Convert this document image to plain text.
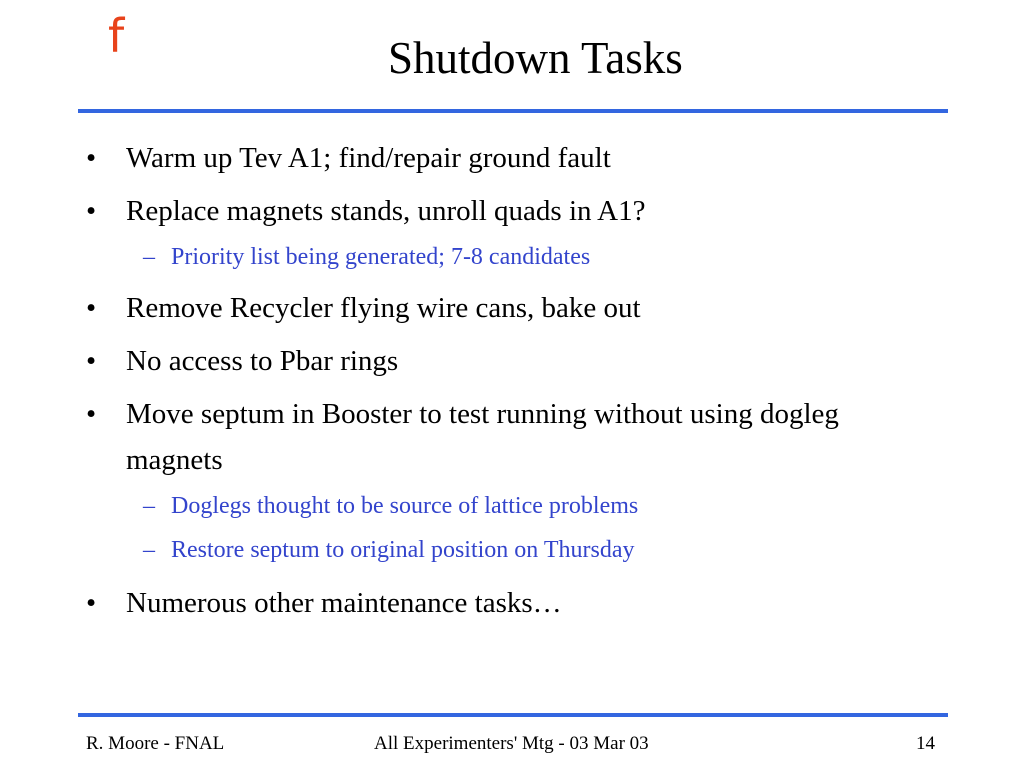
f	Shutdown Tasks
• Warm up Tev A1; find/repair ground fault
• Replace magnets stands, unroll quads in A1?
– Priority list being generated; 7-8 candidates
• Remove Recycler flying wire cans, bake out
• No access to Pbar rings
• Move septum in Booster to test running without using dogleg magnets
– Doglegs thought to be source of lattice problems
– Restore septum to original position on Thursday
• Numerous other maintenance tasks…
R. Moore - FNAL	All Experimenters' Mtg - 03 Mar 03	14
